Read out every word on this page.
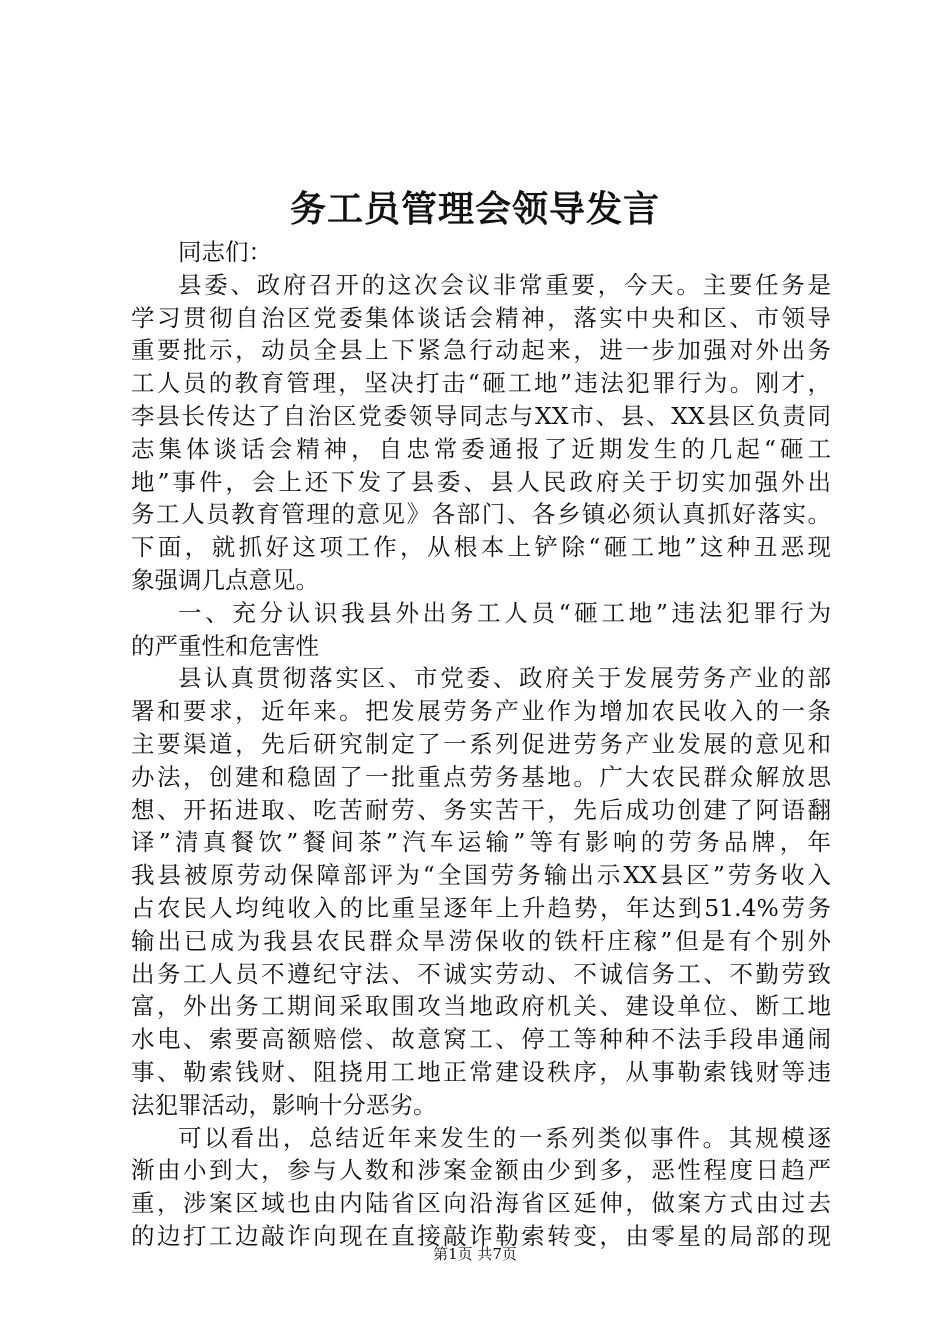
务工员管理会领导发言
同志们：
县委、政府召开的这次会议非常重要，今天。主要任务是
学习贯彻自治区党委集体谈话会精神，落实中央和区、市领导
重要批示，动员全县上下紧急行动起来，进一步加强对外出务
工人员的教育管理，坚决打击“砸工地”违法犯罪行为。刚才，
李县长传达了自治区党委领导同志与XX市、县、XX县区负责同
志集体谈话会精神，自忠常委通报了近期发生的几起“砸工
地”事件，会上还下发了县委、县人民政府关于切实加强外出
务工人员教育管理的意见》各部门、各乡镇必须认真抓好落实。
下面，就抓好这项工作，从根本上铲除“砸工地”这种丑恶现
象强调几点意见。
一、充分认识我县外出务工人员“砸工地”违法犯罪行为
的严重性和危害性
县认真贯彻落实区、市党委、政府关于发展劳务产业的部
署和要求，近年来。把发展劳务产业作为增加农民收入的一条
主要渠道，先后研究制定了一系列促进劳务产业发展的意见和
办法，创建和稳固了一批重点劳务基地。广大农民群众解放思
想、开拓进取、吃苦耐劳、务实苦干，先后成功创建了阿语翻
译”清真餐饮”餐间茶”汽车运输”等有影响的劳务品牌，年
我县被原劳动保障部评为“全国劳务输出示XX县区”劳务收入
占农民人均纯收入的比重呈逐年上升趋势，年达到51.4%劳务
输出已成为我县农民群众旱涝保收的铁杆庄稼”但是有个别外
出务工人员不遵纪守法、不诚实劳动、不诚信务工、不勤劳致
富，外出务工期间采取围攻当地政府机关、建设单位、断工地
水电、索要高额赔偿、故意窝工、停工等种种不法手段串通闹
事、勒索钱财、阻挠用工地正常建设秩序，从事勒索钱财等违
法犯罪活动，影响十分恶劣。
可以看出，总结近年来发生的一系列类似事件。其规模逐
渐由小到大，参与人数和涉案金额由少到多，恶性程度日趋严
重，涉案区域也由内陆省区向沿海省区延伸，做案方式由过去
的边打工边敲诈向现在直接敲诈勒索转变，由零星的局部的现
第1页 共7页
